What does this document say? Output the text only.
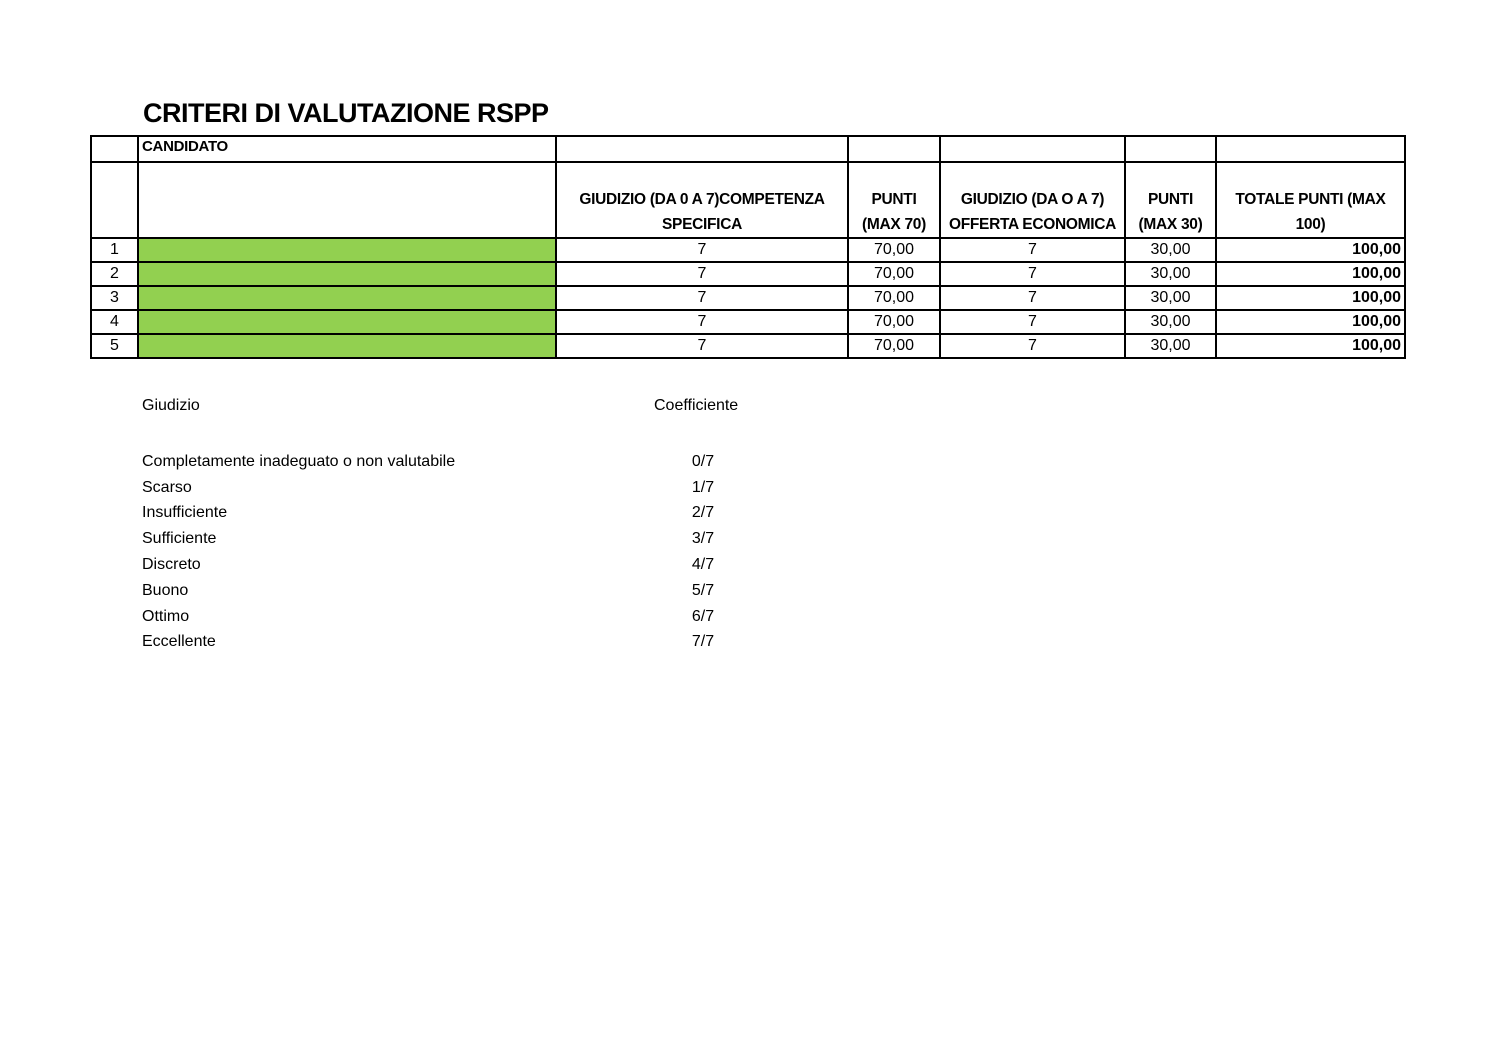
CRITERI DI VALUTAZIONE RSPP
	CANDIDATO					
		GIUDIZIO (DA 0 A 7)COMPETENZA SPECIFICA	PUNTI (MAX 70)	GIUDIZIO (DA O A 7) OFFERTA ECONOMICA	PUNTI (MAX 30)	TOTALE PUNTI (MAX 100)
1		7	70,00	7	30,00	100,00
2		7	70,00	7	30,00	100,00
3		7	70,00	7	30,00	100,00
4		7	70,00	7	30,00	100,00
5		7	70,00	7	30,00	100,00
Giudizio	Coefficiente
Completamente inadeguato o non valutabile	0/7
Scarso	1/7
Insufficiente	2/7
Sufficiente	3/7
Discreto	4/7
Buono	5/7
Ottimo	6/7
Eccellente	7/7
